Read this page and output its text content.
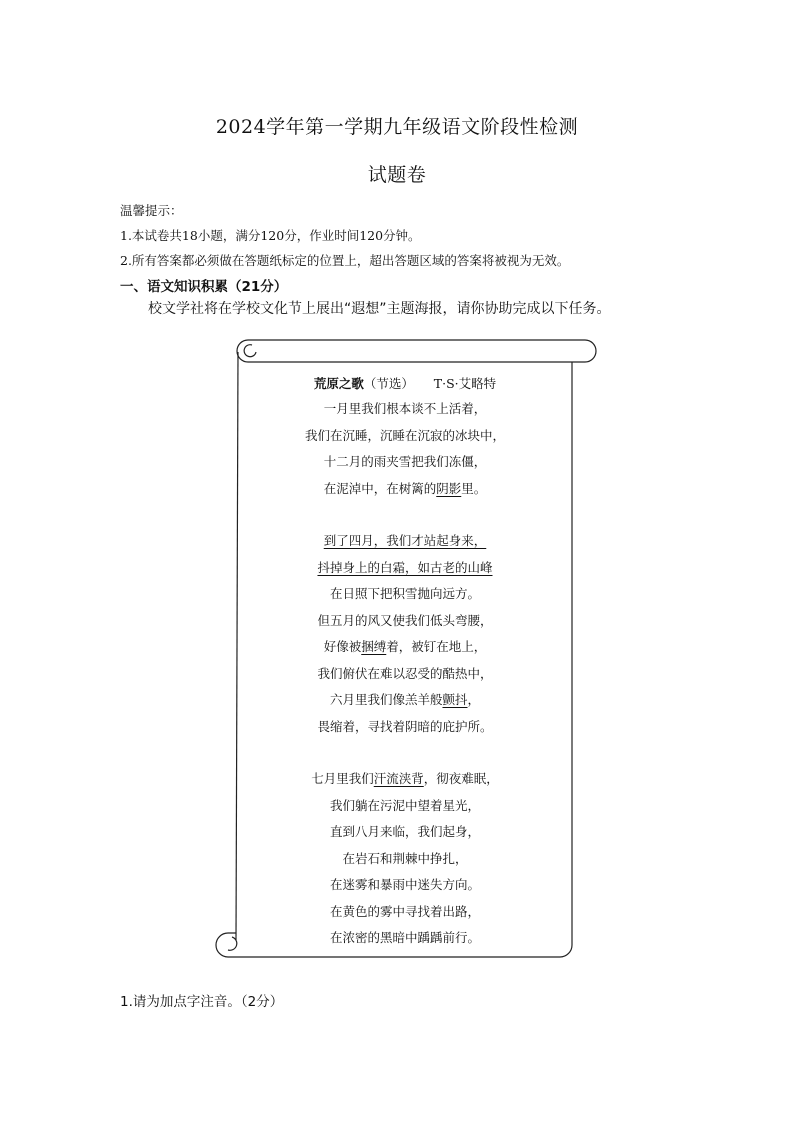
2024学年第一学期九年级语文阶段性检测
试题卷
温馨提示：
1.本试卷共18小题，满分120分，作业时间120分钟。
2.所有答案都必须做在答题纸标定的位置上，超出答题区域的答案将被视为无效。
一、语文知识积累（21分）
校文学社将在学校文化节上展出“遐想”主题海报，请你协助完成以下任务。
荒原之歌（节选） T·S·艾略特
一月里我们根本谈不上活着，
我们在沉睡，沉睡在沉寂的冰块中，
十二月的雨夹雪把我们冻僵，
在泥淖中，在树篱的阴影里。
到了四月，我们才站起身来，
抖掉身上的白霜，如古老的山峰
在日照下把积雪抛向远方。
但五月的风又使我们低头弯腰，
好像被捆缚着，被钉在地上，
我们俯伏在难以忍受的酷热中，
六月里我们像羔羊般颤抖，
畏缩着，寻找着阴暗的庇护所。
七月里我们汗流浃背，彻夜难眠，
我们躺在污泥中望着星光，
直到八月来临，我们起身，
在岩石和荆棘中挣扎，
在迷雾和暴雨中迷失方向。
在黄色的雾中寻找着出路，
在浓密的黑暗中踽踽前行。
1.请为加点字注音。（2分）
